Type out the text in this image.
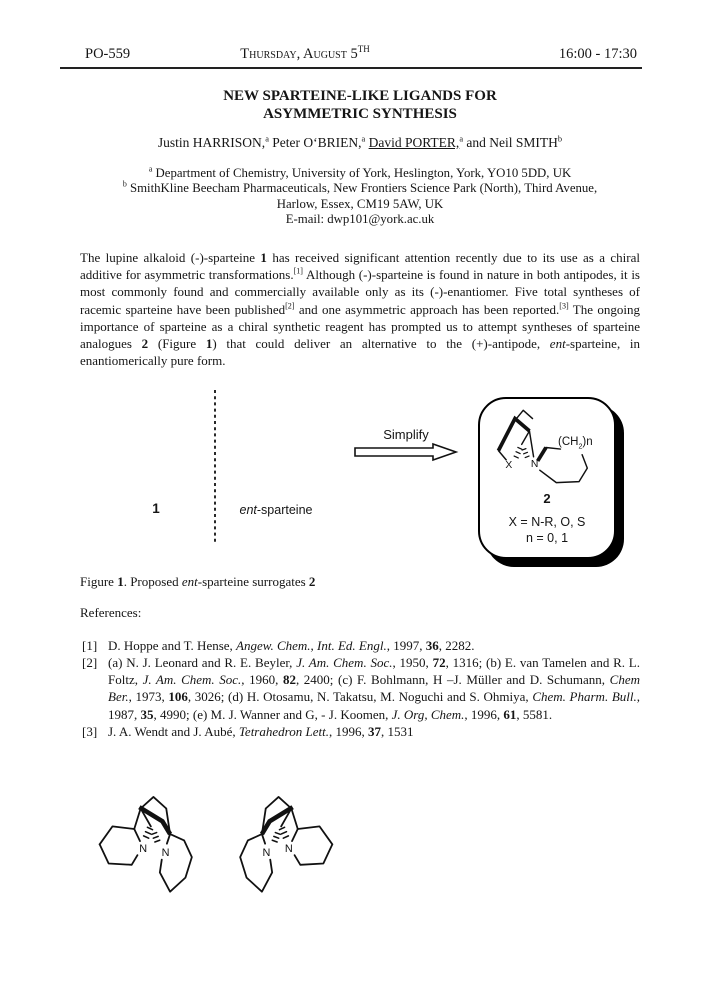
PO-559	Thursday, August 5TH	16:00 - 17:30
NEW SPARTEINE-LIKE LIGANDS FOR
ASYMMETRIC SYNTHESIS
Justin HARRISON,$^a$ Peter O‘BRIEN,$^a$ David PORTER,$^a$ and Neil SMITH$^b$
$^a$ Department of Chemistry, University of York, Heslington, York, YO10 5DD, UK
$^b$ SmithKline Beecham Pharmaceuticals, New Frontiers Science Park (North), Third Avenue,
Harlow, Essex, CM19 5AW, UK
E-mail: dwp101@york.ac.uk

The lupine alkaloid (-)-sparteine 1 has received significant attention recently due to its use as a chiral additive for asymmetric transformations.[1] Although (-)-sparteine is found in nature in both antipodes, it is most commonly found and commercially available only as its (-)-enantiomer. Five total syntheses of racemic sparteine have been published[2] and one asymmetric approach has been reported.[3] The ongoing importance of sparteine as a chiral synthetic reagent has prompted us to attempt syntheses of sparteine analogues 2 (Figure 1) that could deliver an alternative to the (+)-antipode, ent-sparteine, in enantiomerically pure form.

N N
1
N
N
ent-sparteine
Simplify
X N
$(CH_2)n$
2
X = N-R, O, S
n = 0, 1
Figure 1. Proposed ent-sparteine surrogates 2
References:
[1] D. Hoppe and T. Hense, Angew. Chem., Int. Ed. Engl., 1997, 36, 2282.
[2] (a) N. J. Leonard and R. E. Beyler, J. Am. Chem. Soc., 1950, 72, 1316; (b) E. van Tamelen and R. L. Foltz, J. Am. Chem. Soc., 1960, 82, 2400; (c) F. Bohlmann, H –J. Müller and D. Schumann, Chem Ber., 1973, 106, 3026; (d) H. Otosamu, N. Takatsu, M. Noguchi and S. Ohmiya, Chem. Pharm. Bull., 1987, 35, 4990; (e) M. J. Wanner and G, - J. Koomen, J. Org, Chem., 1996, 61, 5581.
[3] J. A. Wendt and J. Aubé, Tetrahedron Lett., 1996, 37, 1531
